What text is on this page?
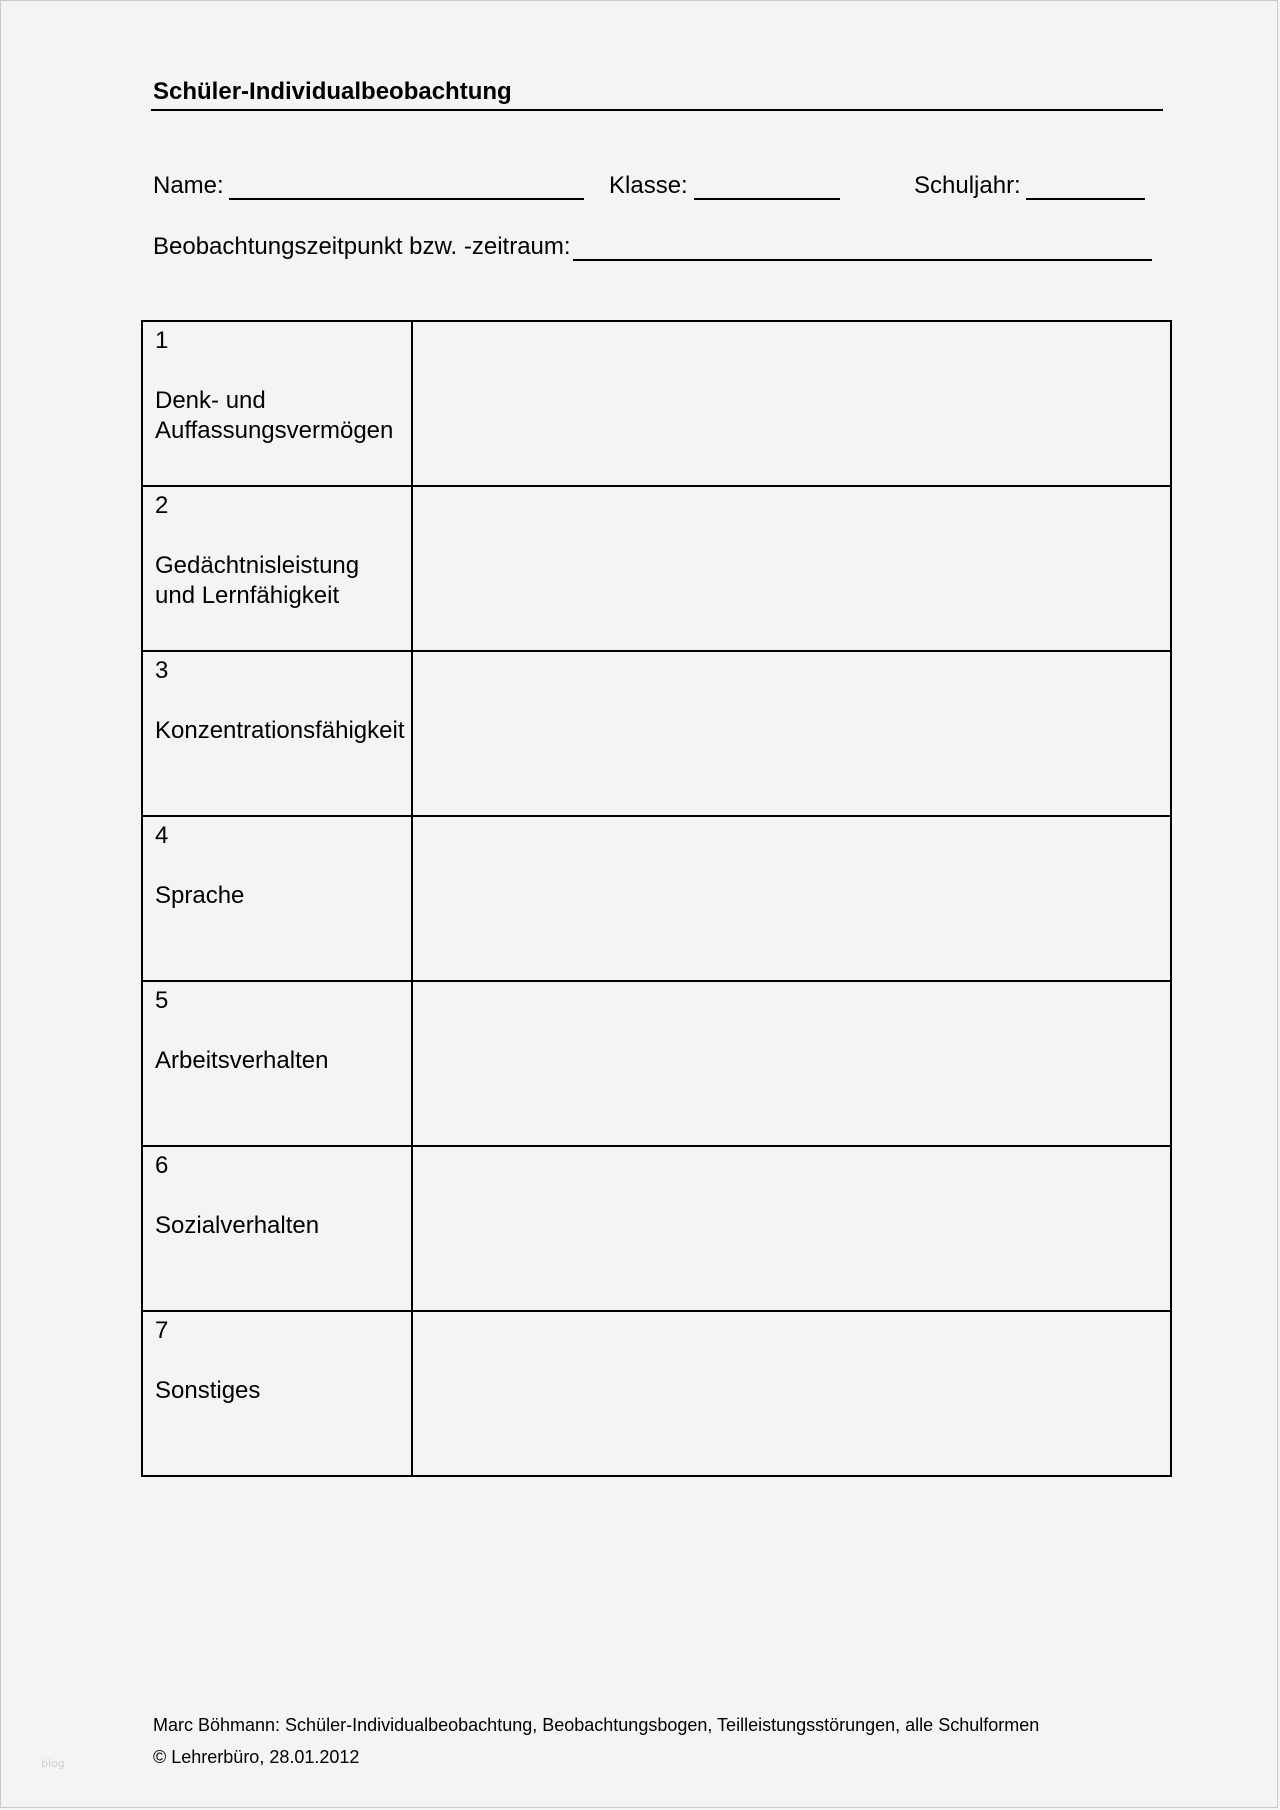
Schüler-Individualbeobachtung
Name:	Klasse:	Schuljahr:
Beobachtungszeitpunkt bzw. -zeitraum:
1
Denk- und
Auffassungsvermögen	

2
Gedächtnisleistung
und Lernfähigkeit	

3
Konzentrationsfähigkeit	

4
Sprache	

5
Arbeitsverhalten	

6
Sozialverhalten	

7
Sonstiges	

Marc Böhmann: Schüler-Individualbeobachtung, Beobachtungsbogen, Teilleistungsstörungen, alle Schulformen
© Lehrerbüro, 28.01.2012
blog
